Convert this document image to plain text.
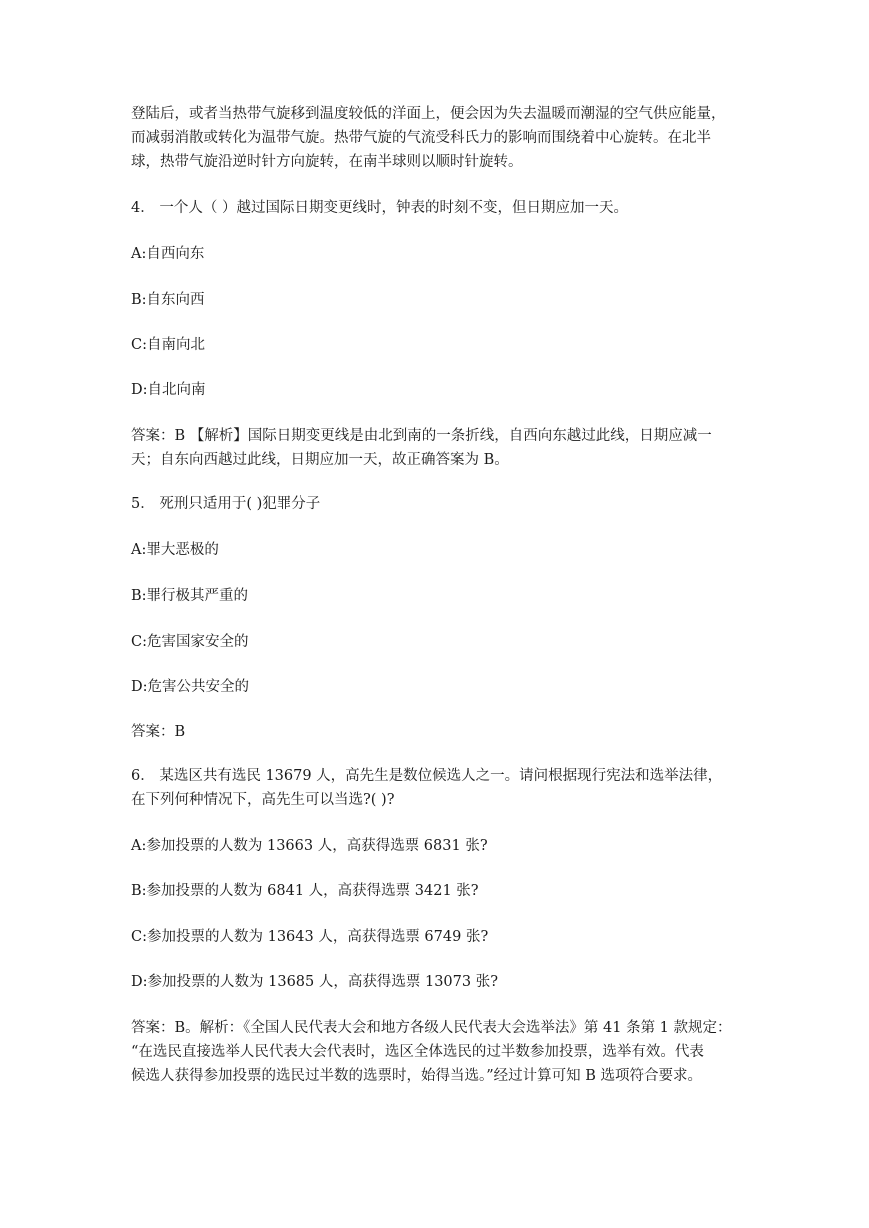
登陆后，或者当热带气旋移到温度较低的洋面上，便会因为失去温暖而潮湿的空气供应能量，

而减弱消散或转化为温带气旋。热带气旋的气流受科氏力的影响而围绕着中心旋转。在北半

球，热带气旋沿逆时针方向旋转，在南半球则以顺时针旋转。

4． 一个人（ ）越过国际日期变更线时，钟表的时刻不变，但日期应加一天。

A:自西向东

B:自东向西

C:自南向北

D:自北向南

答案：B 【解析】国际日期变更线是由北到南的一条折线，自西向东越过此线，日期应减一

天；自东向西越过此线，日期应加一天，故正确答案为 B。

5． 死刑只适用于( )犯罪分子

A:罪大恶极的

B:罪行极其严重的

C:危害国家安全的

D:危害公共安全的

答案：B

6． 某选区共有选民 13679 人，高先生是数位候选人之一。请问根据现行宪法和选举法律，

在下列何种情况下，高先生可以当选?( )?

A:参加投票的人数为 13663 人，高获得选票 6831 张?

B:参加投票的人数为 6841 人，高获得选票 3421 张?

C:参加投票的人数为 13643 人，高获得选票 6749 张?

D:参加投票的人数为 13685 人，高获得选票 13073 张?

答案：B。解析：《全国人民代表大会和地方各级人民代表大会选举法》第 41 条第 1 款规定：

“在选民直接选举人民代表大会代表时，选区全体选民的过半数参加投票，选举有效。代表

候选人获得参加投票的选民过半数的选票时，始得当选。”经过计算可知 B 选项符合要求。
